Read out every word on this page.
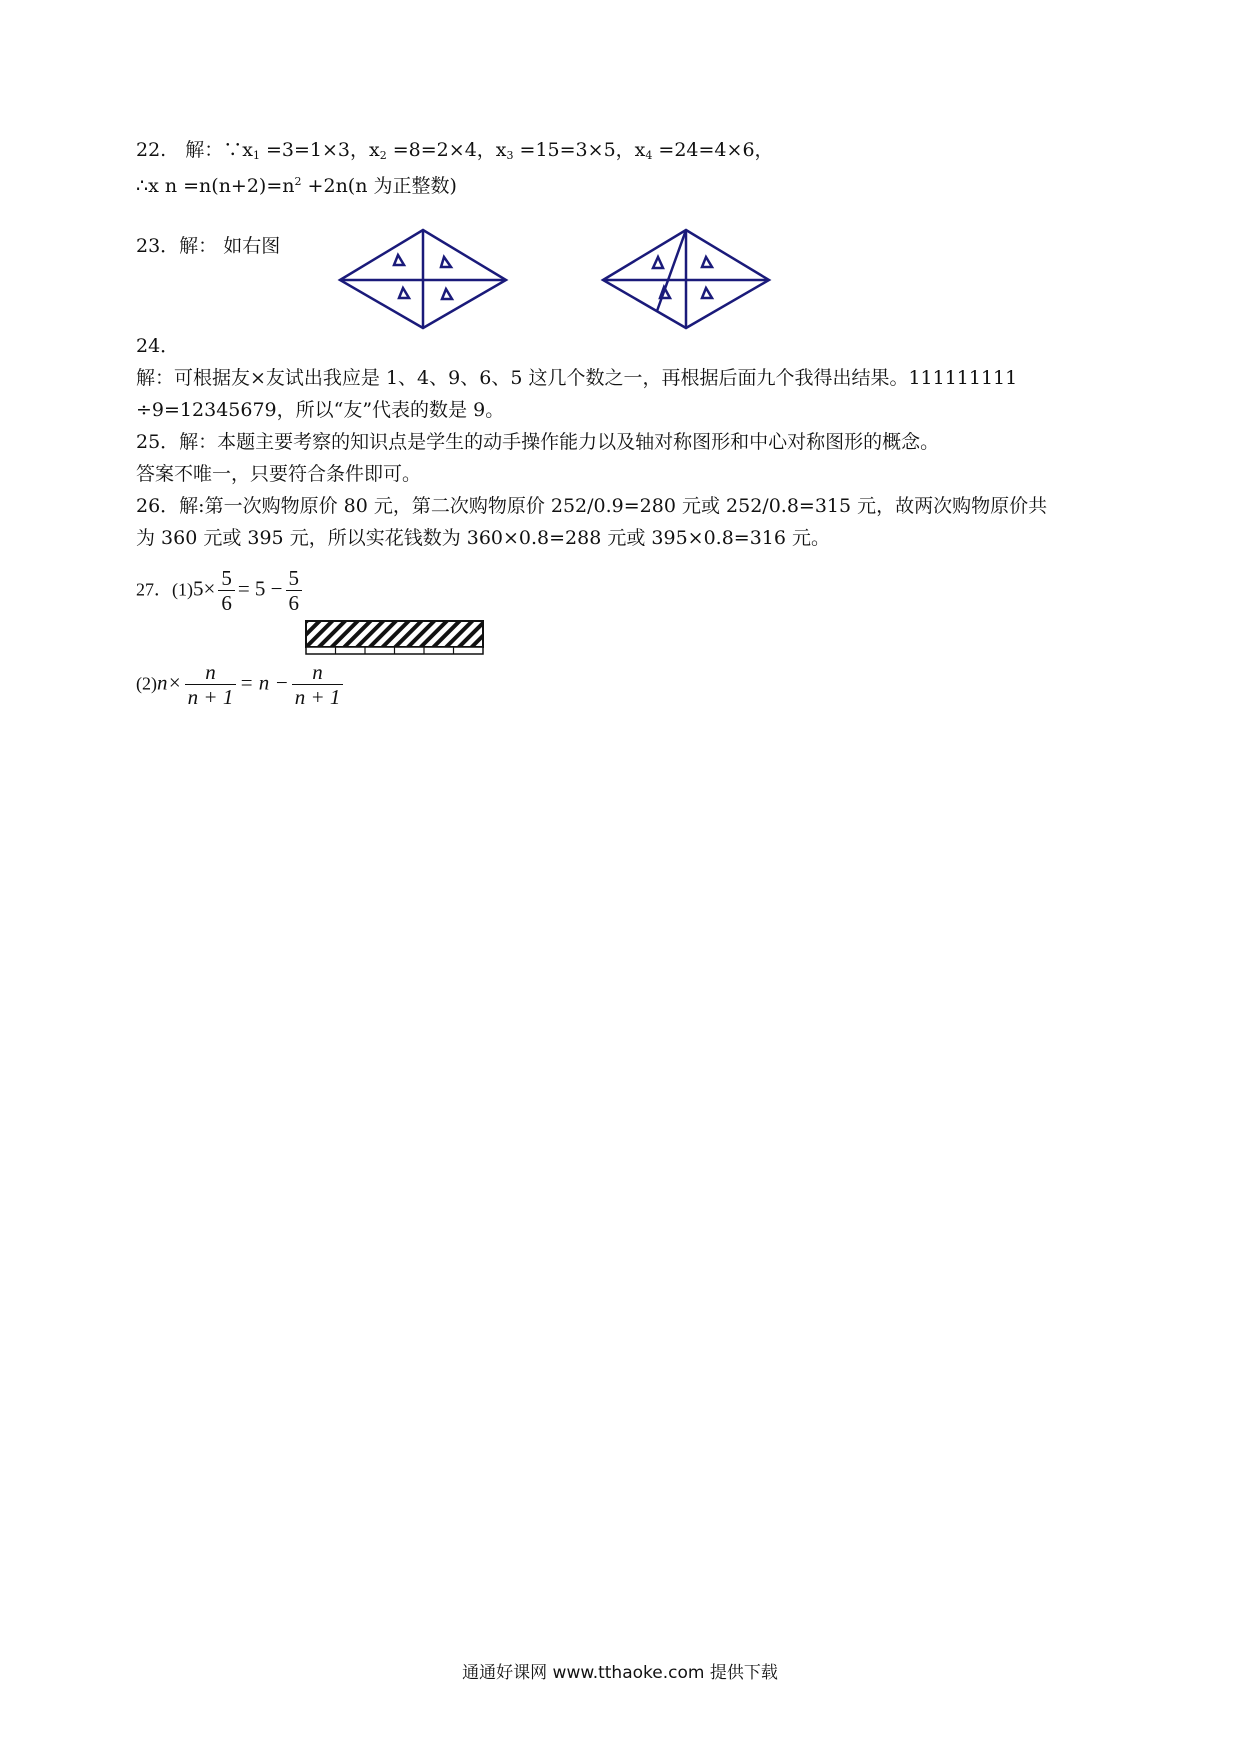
22.　解：$\because x_1 =3=1\times 3$，$x_2 =8=2\times 4$，$x_3 =15=3\times 5$，$x_4 =24=4\times 6$，
∴x $n =n(n+2)=n^2 +2n(n$ 为正整数)
23．解： 如右图
24．
解：可根据友×友试出我应是 1、4、9、6、5 这几个数之一，再根据后面九个我得出结果。111111111
÷9=12345679，所以“友”代表的数是 9。
25．解：本题主要考察的知识点是学生的动手操作能力以及轴对称图形和中心对称图形的概念。
答案不唯一，只要符合条件即可。
26．解:第一次购物原价 80 元，第二次购物原价 252/0.9=280 元或 252/0.8=315 元，故两次购物原价共
为 360 元或 395 元，所以实花钱数为 360×0.8=288 元或 395×0.8=316 元。
27．$(1)5\times \frac{5}{6} = 5 - \frac{5}{6}$
$(2)n\times \frac{n}{n + 1} = n - \frac{n}{n + 1}$
通通好课网 www.tthaoke.com 提供下载
